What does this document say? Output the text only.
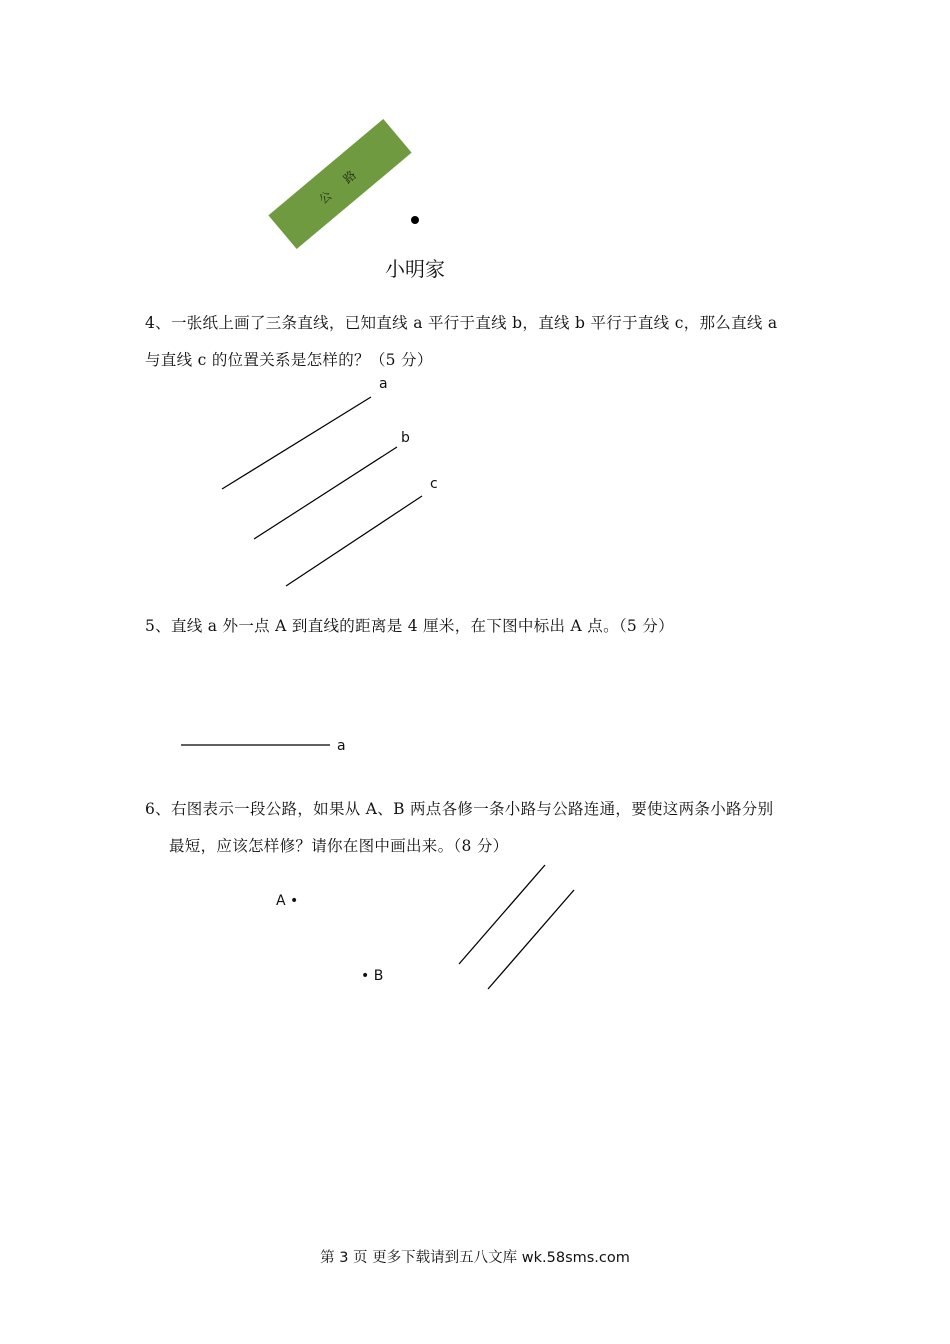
公 路
小明家
4、一张纸上画了三条直线，已知直线 a 平行于直线 b，直线 b 平行于直线 c，那么直线 a
与直线 c 的位置关系是怎样的？（5 分）
a
b
c
5、直线 a 外一点 A 到直线的距离是 4 厘米，在下图中标出 A 点。（5 分）
a
6、右图表示一段公路，如果从 A、B 两点各修一条小路与公路连通，要使这两条小路分别
最短，应该怎样修？请你在图中画出来。（8 分）
A •
• B
第 3 页 更多下载请到五八文库 wk.58sms.com
